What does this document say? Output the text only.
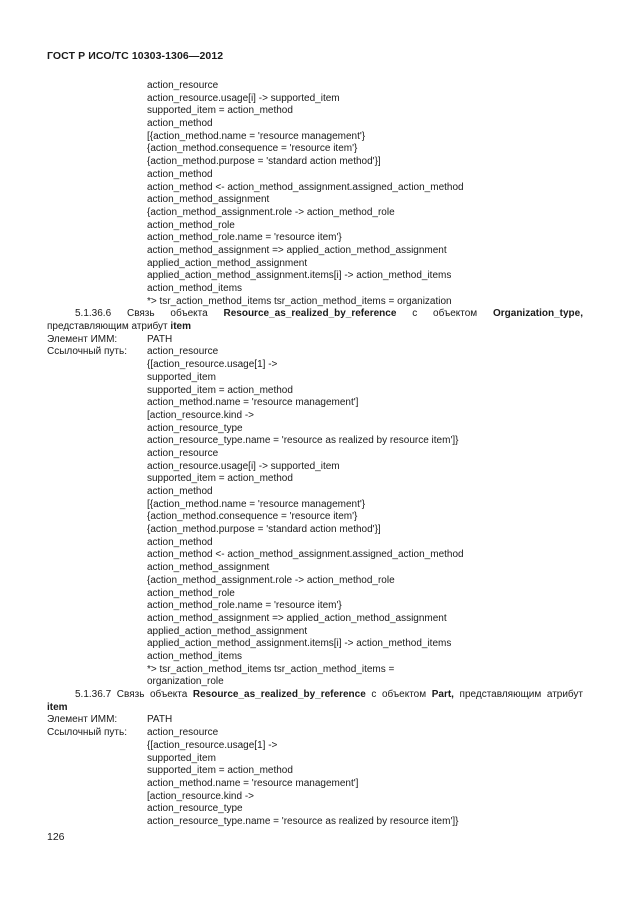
ГОСТ Р ИСО/ТС 10303-1306—2012
action_resource
action_resource.usage[i] -> supported_item
supported_item = action_method
action_method
[{action_method.name = 'resource management'}
{action_method.consequence = 'resource item'}
{action_method.purpose = 'standard action method'}]
action_method
action_method <- action_method_assignment.assigned_action_method
action_method_assignment
{action_method_assignment.role -> action_method_role
action_method_role
action_method_role.name = 'resource item'}
action_method_assignment => applied_action_method_assignment
applied_action_method_assignment
applied_action_method_assignment.items[i] -> action_method_items
action_method_items
*> tsr_action_method_items tsr_action_method_items = organization
5.1.36.6 Связь объекта Resource_as_realized_by_reference с объектом Organization_type, представляющим атрибут item
Элемент ИММ:	PATH
Ссылочный путь:	action_resource
{[action_resource.usage[1] ->
supported_item
supported_item = action_method
action_method.name = 'resource management']
[action_resource.kind ->
action_resource_type
action_resource_type.name = 'resource as realized by resource item']}
action_resource
action_resource.usage[i] -> supported_item
supported_item = action_method
action_method
[{action_method.name = 'resource management'}
{action_method.consequence = 'resource item'}
{action_method.purpose = 'standard action method'}]
action_method
action_method <- action_method_assignment.assigned_action_method
action_method_assignment
{action_method_assignment.role -> action_method_role
action_method_role
action_method_role.name = 'resource item'}
action_method_assignment => applied_action_method_assignment
applied_action_method_assignment
applied_action_method_assignment.items[i] -> action_method_items
action_method_items
*> tsr_action_method_items tsr_action_method_items =
organization_role
5.1.36.7 Связь объекта Resource_as_realized_by_reference с объектом Part, представляющим атрибут item
Элемент ИММ:	PATH
Ссылочный путь:	action_resource
{[action_resource.usage[1] ->
supported_item
supported_item = action_method
action_method.name = 'resource management']
[action_resource.kind ->
action_resource_type
action_resource_type.name = 'resource as realized by resource item']}
126
